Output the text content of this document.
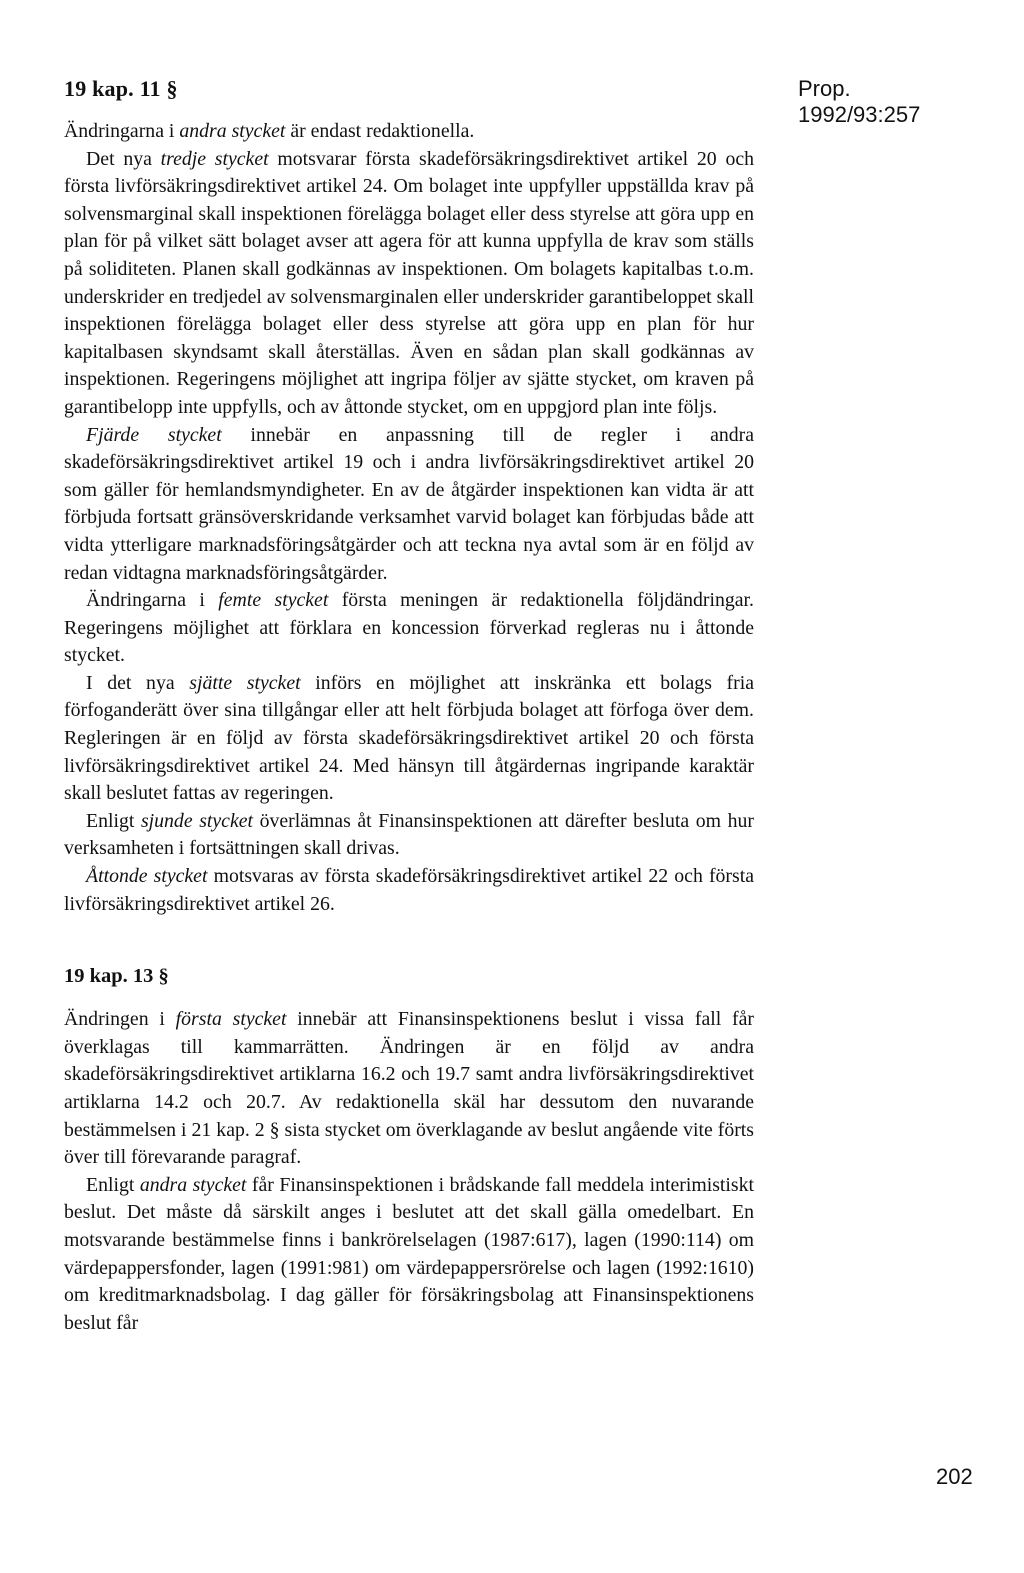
19 kap. 11 §	Prop. 1992/93:257

Ändringarna i andra stycket är endast redaktionella.

Det nya tredje stycket motsvarar första skadeförsäkringsdirektivet artikel 20 och första livförsäkringsdirektivet artikel 24. Om bolaget inte uppfyller uppställda krav på solvensmarginal skall inspektionen förelägga bolaget eller dess styrelse att göra upp en plan för på vilket sätt bolaget avser att agera för att kunna uppfylla de krav som ställs på soliditeten. Planen skall godkännas av inspektionen. Om bolagets kapitalbas t.o.m. underskrider en tredjedel av solvensmarginalen eller underskrider garantibeloppet skall inspektionen förelägga bolaget eller dess styrelse att göra upp en plan för hur kapitalbasen skyndsamt skall återställas. Även en sådan plan skall godkännas av inspektionen. Regeringens möjlighet att ingripa följer av sjätte stycket, om kraven på garantibelopp inte uppfylls, och av åttonde stycket, om en uppgjord plan inte följs.

Fjärde stycket innebär en anpassning till de regler i andra skadeförsäkringsdirektivet artikel 19 och i andra livförsäkringsdirektivet artikel 20 som gäller för hemlandsmyndigheter. En av de åtgärder inspektionen kan vidta är att förbjuda fortsatt gränsöverskridande verksamhet varvid bolaget kan förbjudas både att vidta ytterligare marknadsföringsåtgärder och att teckna nya avtal som är en följd av redan vidtagna marknadsföringsåtgärder.

Ändringarna i femte stycket första meningen är redaktionella följdändringar. Regeringens möjlighet att förklara en koncession förverkad regleras nu i åttonde stycket.

I det nya sjätte stycket införs en möjlighet att inskränka ett bolags fria förfoganderätt över sina tillgångar eller att helt förbjuda bolaget att förfoga över dem. Regleringen är en följd av första skadeförsäkringsdirektivet artikel 20 och första livförsäkringsdirektivet artikel 24. Med hänsyn till åtgärdernas ingripande karaktär skall beslutet fattas av regeringen.

Enligt sjunde stycket överlämnas åt Finansinspektionen att därefter besluta om hur verksamheten i fortsättningen skall drivas.

Åttonde stycket motsvaras av första skadeförsäkringsdirektivet artikel 22 och första livförsäkringsdirektivet artikel 26.

19 kap. 13 §

Ändringen i första stycket innebär att Finansinspektionens beslut i vissa fall får överklagas till kammarrätten. Ändringen är en följd av andra skadeförsäkringsdirektivet artiklarna 16.2 och 19.7 samt andra livförsäkringsdirektivet artiklarna 14.2 och 20.7. Av redaktionella skäl har dessutom den nuvarande bestämmelsen i 21 kap. 2 § sista stycket om överklagande av beslut angående vite förts över till förevarande paragraf.

Enligt andra stycket får Finansinspektionen i brådskande fall meddela interimistiskt beslut. Det måste då särskilt anges i beslutet att det skall gälla omedelbart. En motsvarande bestämmelse finns i bankrörelselagen (1987:617), lagen (1990:114) om värdepappersfonder, lagen (1991:981) om värdepappersrörelse och lagen (1992:1610) om kreditmarknadsbolag. I dag gäller för försäkringsbolag att Finansinspektionens beslut får

202
